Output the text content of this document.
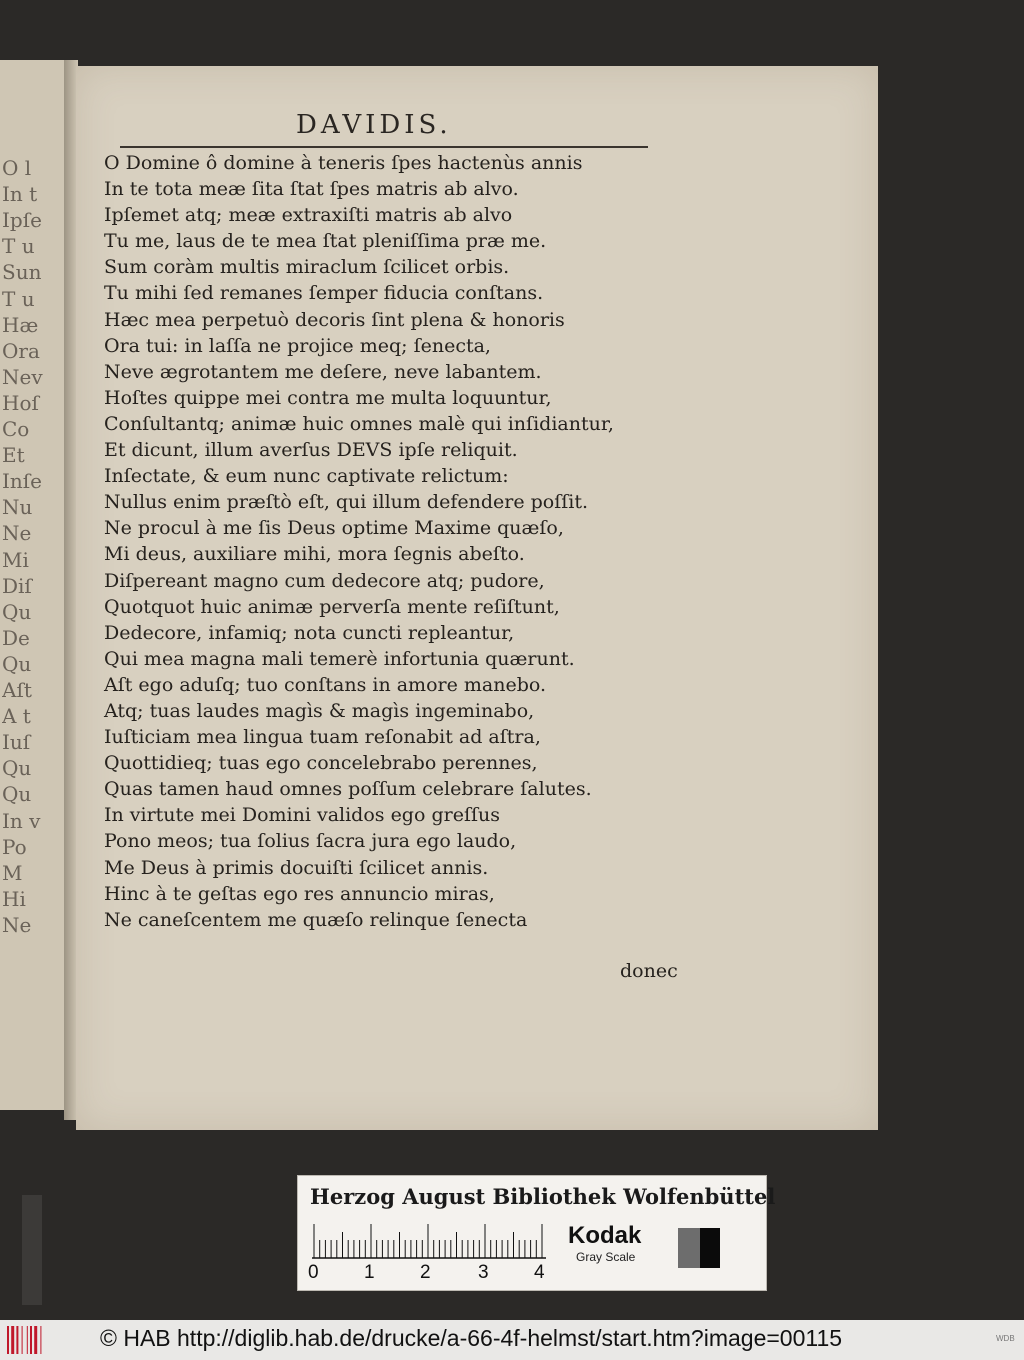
O l
In t
Ipſe
T u
Sun
T u
Hæ
Ora
Nev
Hoſ
Co
Et
Inſe
Nu
Ne
Mi
Diſ
Qu
De
Qu
Aſt
A t
Iuſ
Qu
Qu
In v
Po
M
Hi
Ne
DAVIDIS.
O Domine ô domine à teneris ſpes hactenùs annis
In te tota meæ ſita ſtat ſpes matris ab alvo.
Ipſemet atq; meæ extraxiſti matris ab alvo
Tu me, laus de te mea ſtat pleniſſima præ me.
Sum coràm multis miraclum ſcilicet orbis.
Tu mihi ſed remanes ſemper fiducia conſtans.
Hæc mea perpetuò decoris ſint plena & honoris
Ora tui: in laſſa ne projice meq; ſenecta,
Neve ægrotantem me deſere, neve labantem.
Hoſtes quippe mei contra me multa loquuntur,
Conſultantq; animæ huic omnes malè qui inſidiantur,
Et dicunt, illum averſus DEVS ipſe reliquit.
Inſectate, & eum nunc captivate relictum:
Nullus enim præſtò eſt, qui illum defendere poſſit.
Ne procul à me ſis Deus optime Maxime quæſo,
Mi deus, auxiliare mihi, mora ſegnis abeſto.
Diſpereant magno cum dedecore atq; pudore,
Quotquot huic animæ perverſa mente reſiſtunt,
Dedecore, infamiq; nota cuncti repleantur,
Qui mea magna mali temerè infortunia quærunt.
Aſt ego aduſq; tuo conſtans in amore manebo.
Atq; tuas laudes magìs & magìs ingeminabo,
Iuſticiam mea lingua tuam reſonabit ad aſtra,
Quottidieq; tuas ego concelebrabo perennes,
Quas tamen haud omnes poſſum celebrare ſalutes.
In virtute mei Domini validos ego greſſus
Pono meos; tua ſolius ſacra jura ego laudo,
Me Deus à primis docuiſti ſcilicet annis.
Hinc à te geſtas ego res annuncio miras,
Ne caneſcentem me quæſo relinque ſenecta
donec
Herzog August Bibliothek Wolfenbüttel
0	1	2	3	4
Kodak
Gray Scale
© HAB http://diglib.hab.de/drucke/a-66-4f-helmst/start.htm?image=00115	WDB
